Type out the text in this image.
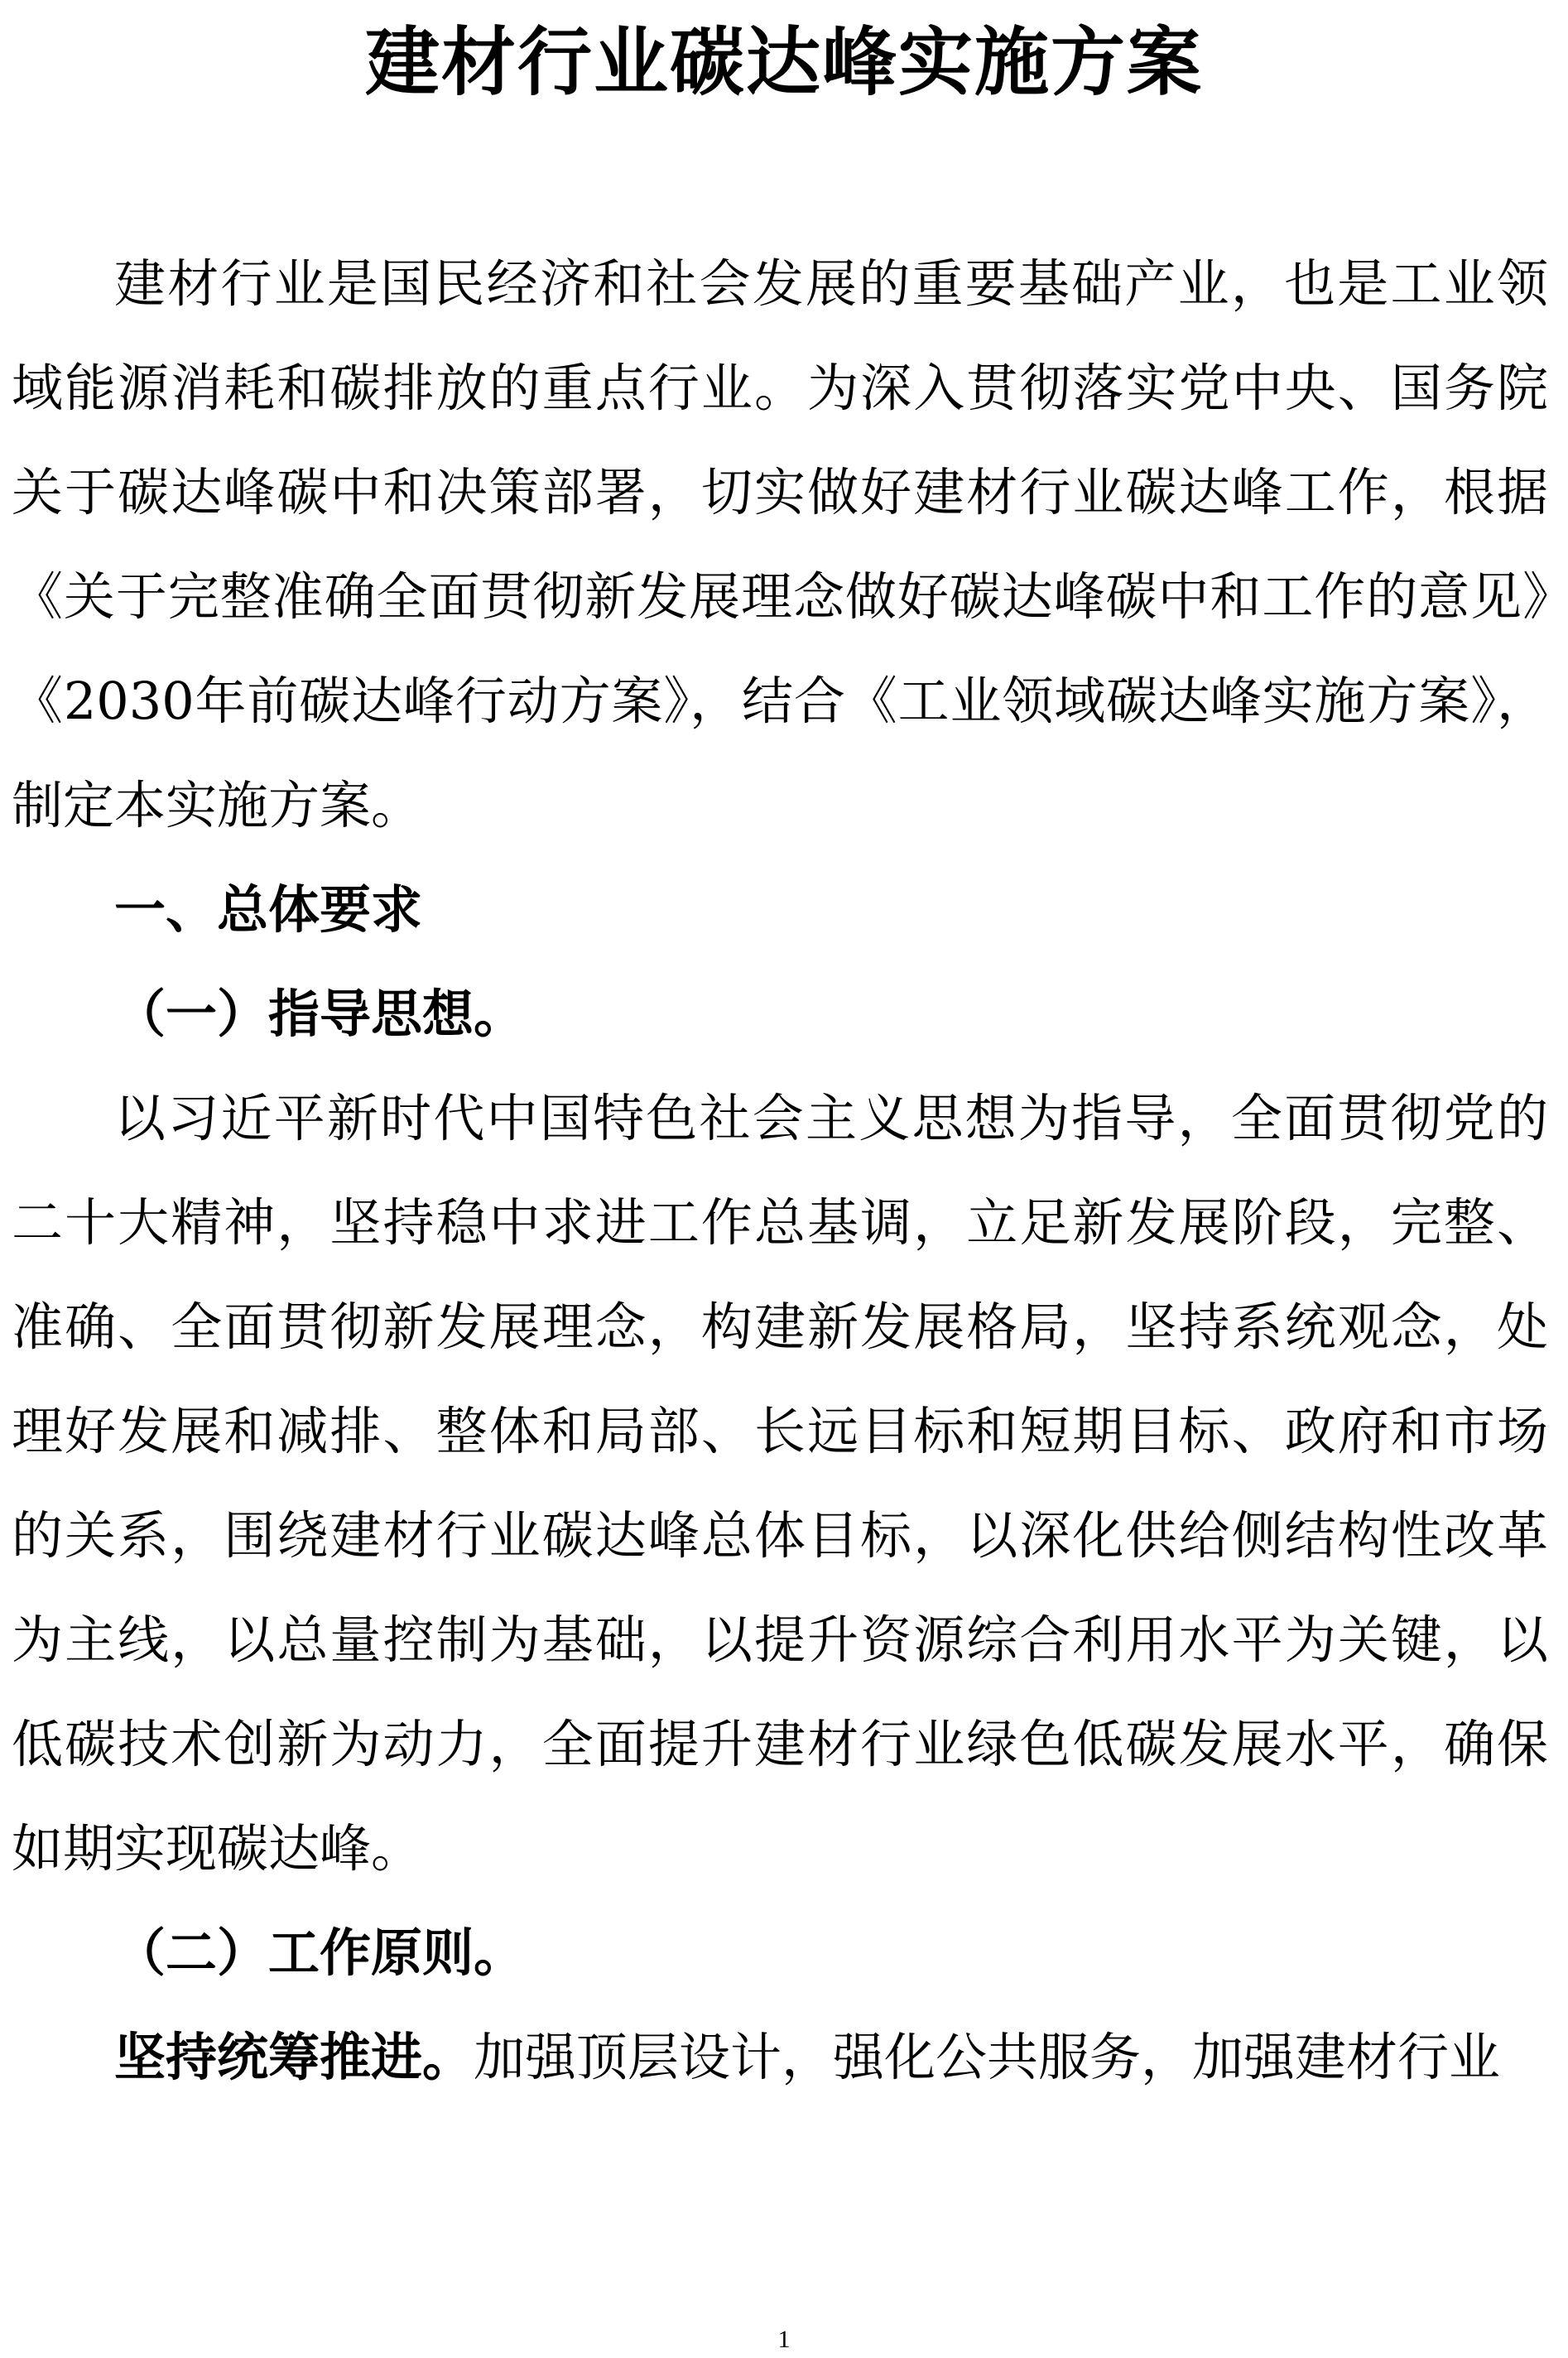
建材行业碳达峰实施方案

建材行业是国民经济和社会发展的重要基础产业，也是工业领域能源消耗和碳排放的重点行业。为深入贯彻落实党中央、国务院关于碳达峰碳中和决策部署，切实做好建材行业碳达峰工作，根据《关于完整准确全面贯彻新发展理念做好碳达峰碳中和工作的意见》《2030年前碳达峰行动方案》，结合《工业领域碳达峰实施方案》，制定本实施方案。

一、总体要求

（一）指导思想。

以习近平新时代中国特色社会主义思想为指导，全面贯彻党的二十大精神，坚持稳中求进工作总基调，立足新发展阶段，完整、准确、全面贯彻新发展理念，构建新发展格局，坚持系统观念，处理好发展和减排、整体和局部、长远目标和短期目标、政府和市场的关系，围绕建材行业碳达峰总体目标，以深化供给侧结构性改革为主线，以总量控制为基础，以提升资源综合利用水平为关键，以低碳技术创新为动力，全面提升建材行业绿色低碳发展水平，确保如期实现碳达峰。

（二）工作原则。

坚持统筹推进。加强顶层设计，强化公共服务，加强建材行业

1
